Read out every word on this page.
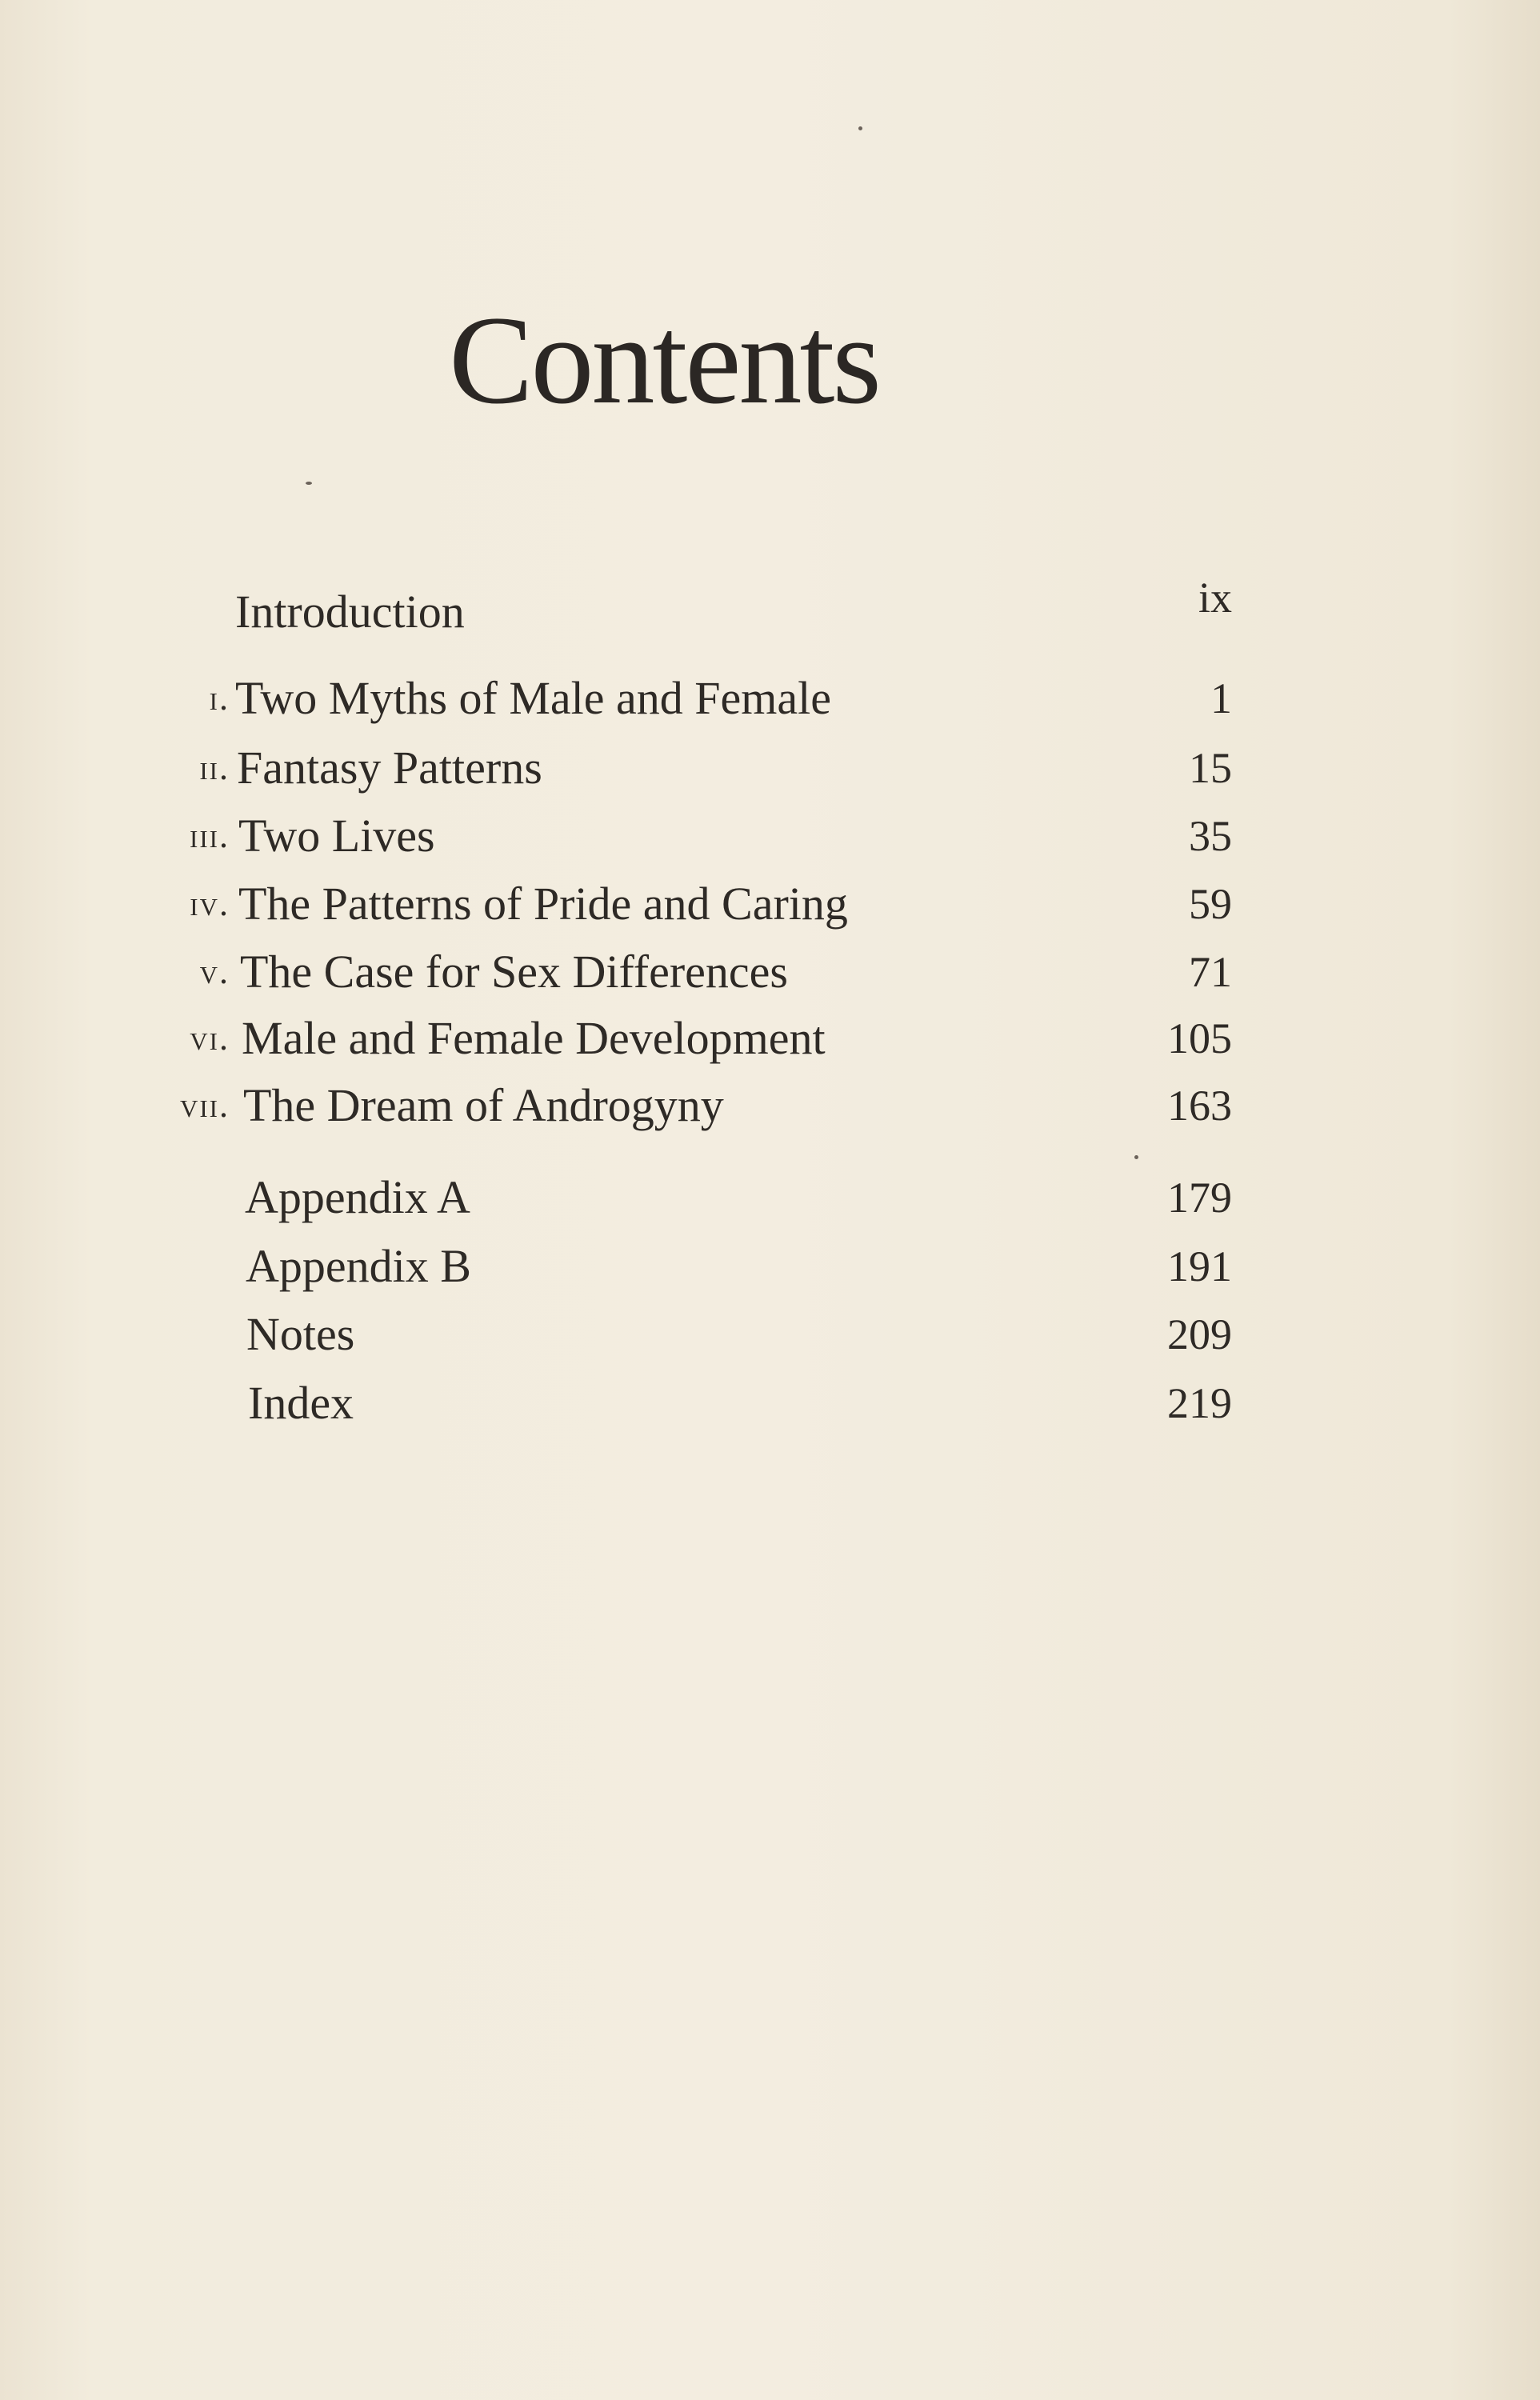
Contents
Introduction	ix
i. Two Myths of Male and Female	1
ii. Fantasy Patterns	15
iii. Two Lives	35
iv. The Patterns of Pride and Caring	59
v. The Case for Sex Differences	71
vi. Male and Female Development	105
vii. The Dream of Androgyny	163
Appendix A	179
Appendix B	191
Notes	209
Index	219
